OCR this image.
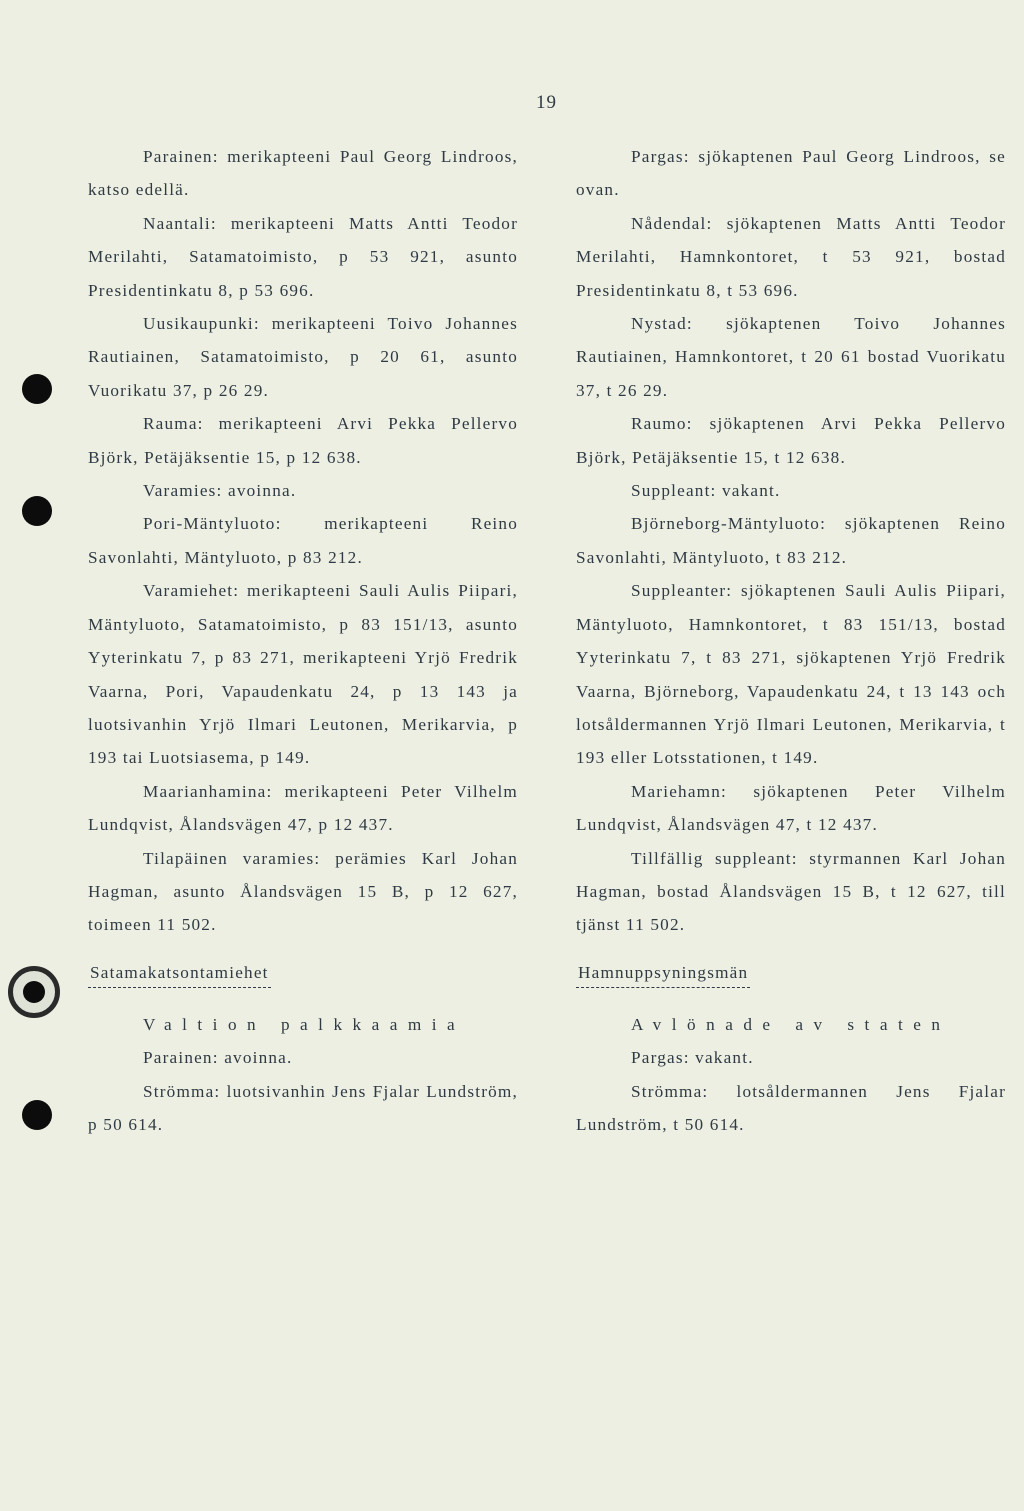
19

Parainen: merikapteeni Paul Georg Lindroos, katso edellä.

Naantali: merikapteeni Matts Antti Teodor Merilahti, Satamatoimisto, p 53 921, asunto Presidentinkatu 8, p 53 696.

Uusikaupunki: merikapteeni Toivo Johannes Rautiainen, Satamatoimisto, p 20 61, asunto Vuorikatu 37, p 26 29.

Rauma: merikapteeni Arvi Pekka Pellervo Björk, Petäjäksentie 15, p 12 638.

Varamies: avoinna.

Pori-Mäntyluoto: merikapteeni Reino Savonlahti, Mäntyluoto, p 83 212.

Varamiehet: merikapteeni Sauli Aulis Piipari, Mäntyluoto, Satamatoimisto, p 83 151/13, asunto Yyterinkatu 7, p 83 271, merikapteeni Yrjö Fredrik Vaarna, Pori, Vapaudenkatu 24, p 13 143 ja luotsivanhin Yrjö Ilmari Leutonen, Merikarvia, p 193 tai Luotsiasema, p 149.

Maarianhamina: merikapteeni Peter Vilhelm Lundqvist, Ålandsvägen 47, p 12 437.

Tilapäinen varamies: perämies Karl Johan Hagman, asunto Ålandsvägen 15 B, p 12 627, toimeen 11 502.

Satamakatsontamiehet

Valtion palkkaamia

Parainen: avoinna.

Strömma: luotsivanhin Jens Fjalar Lundström, p 50 614.

Pargas: sjökaptenen Paul Georg Lindroos, se ovan.

Nådendal: sjökaptenen Matts Antti Teodor Merilahti, Hamnkontoret, t 53 921, bostad Presidentinkatu 8, t 53 696.

Nystad: sjökaptenen Toivo Johannes Rautiainen, Hamnkontoret, t 20 61 bostad Vuorikatu 37, t 26 29.

Raumo: sjökaptenen Arvi Pekka Pellervo Björk, Petäjäksentie 15, t 12 638.

Suppleant: vakant.

Björneborg-Mäntyluoto: sjökaptenen Reino Savonlahti, Mäntyluoto, t 83 212.

Suppleanter: sjökaptenen Sauli Aulis Piipari, Mäntyluoto, Hamnkontoret, t 83 151/13, bostad Yyterinkatu 7, t 83 271, sjökaptenen Yrjö Fredrik Vaarna, Björneborg, Vapaudenkatu 24, t 13 143 och lotsåldermannen Yrjö Ilmari Leutonen, Merikarvia, t 193 eller Lotsstationen, t 149.

Mariehamn: sjökaptenen Peter Vilhelm Lundqvist, Ålandsvägen 47, t 12 437.

Tillfällig suppleant: styrmannen Karl Johan Hagman, bostad Ålandsvägen 15 B, t 12 627, till tjänst 11 502.

Hamnuppsyningsmän

Avlönade av staten

Pargas: vakant.

Strömma: lotsåldermannen Jens Fjalar Lundström, t 50 614.
